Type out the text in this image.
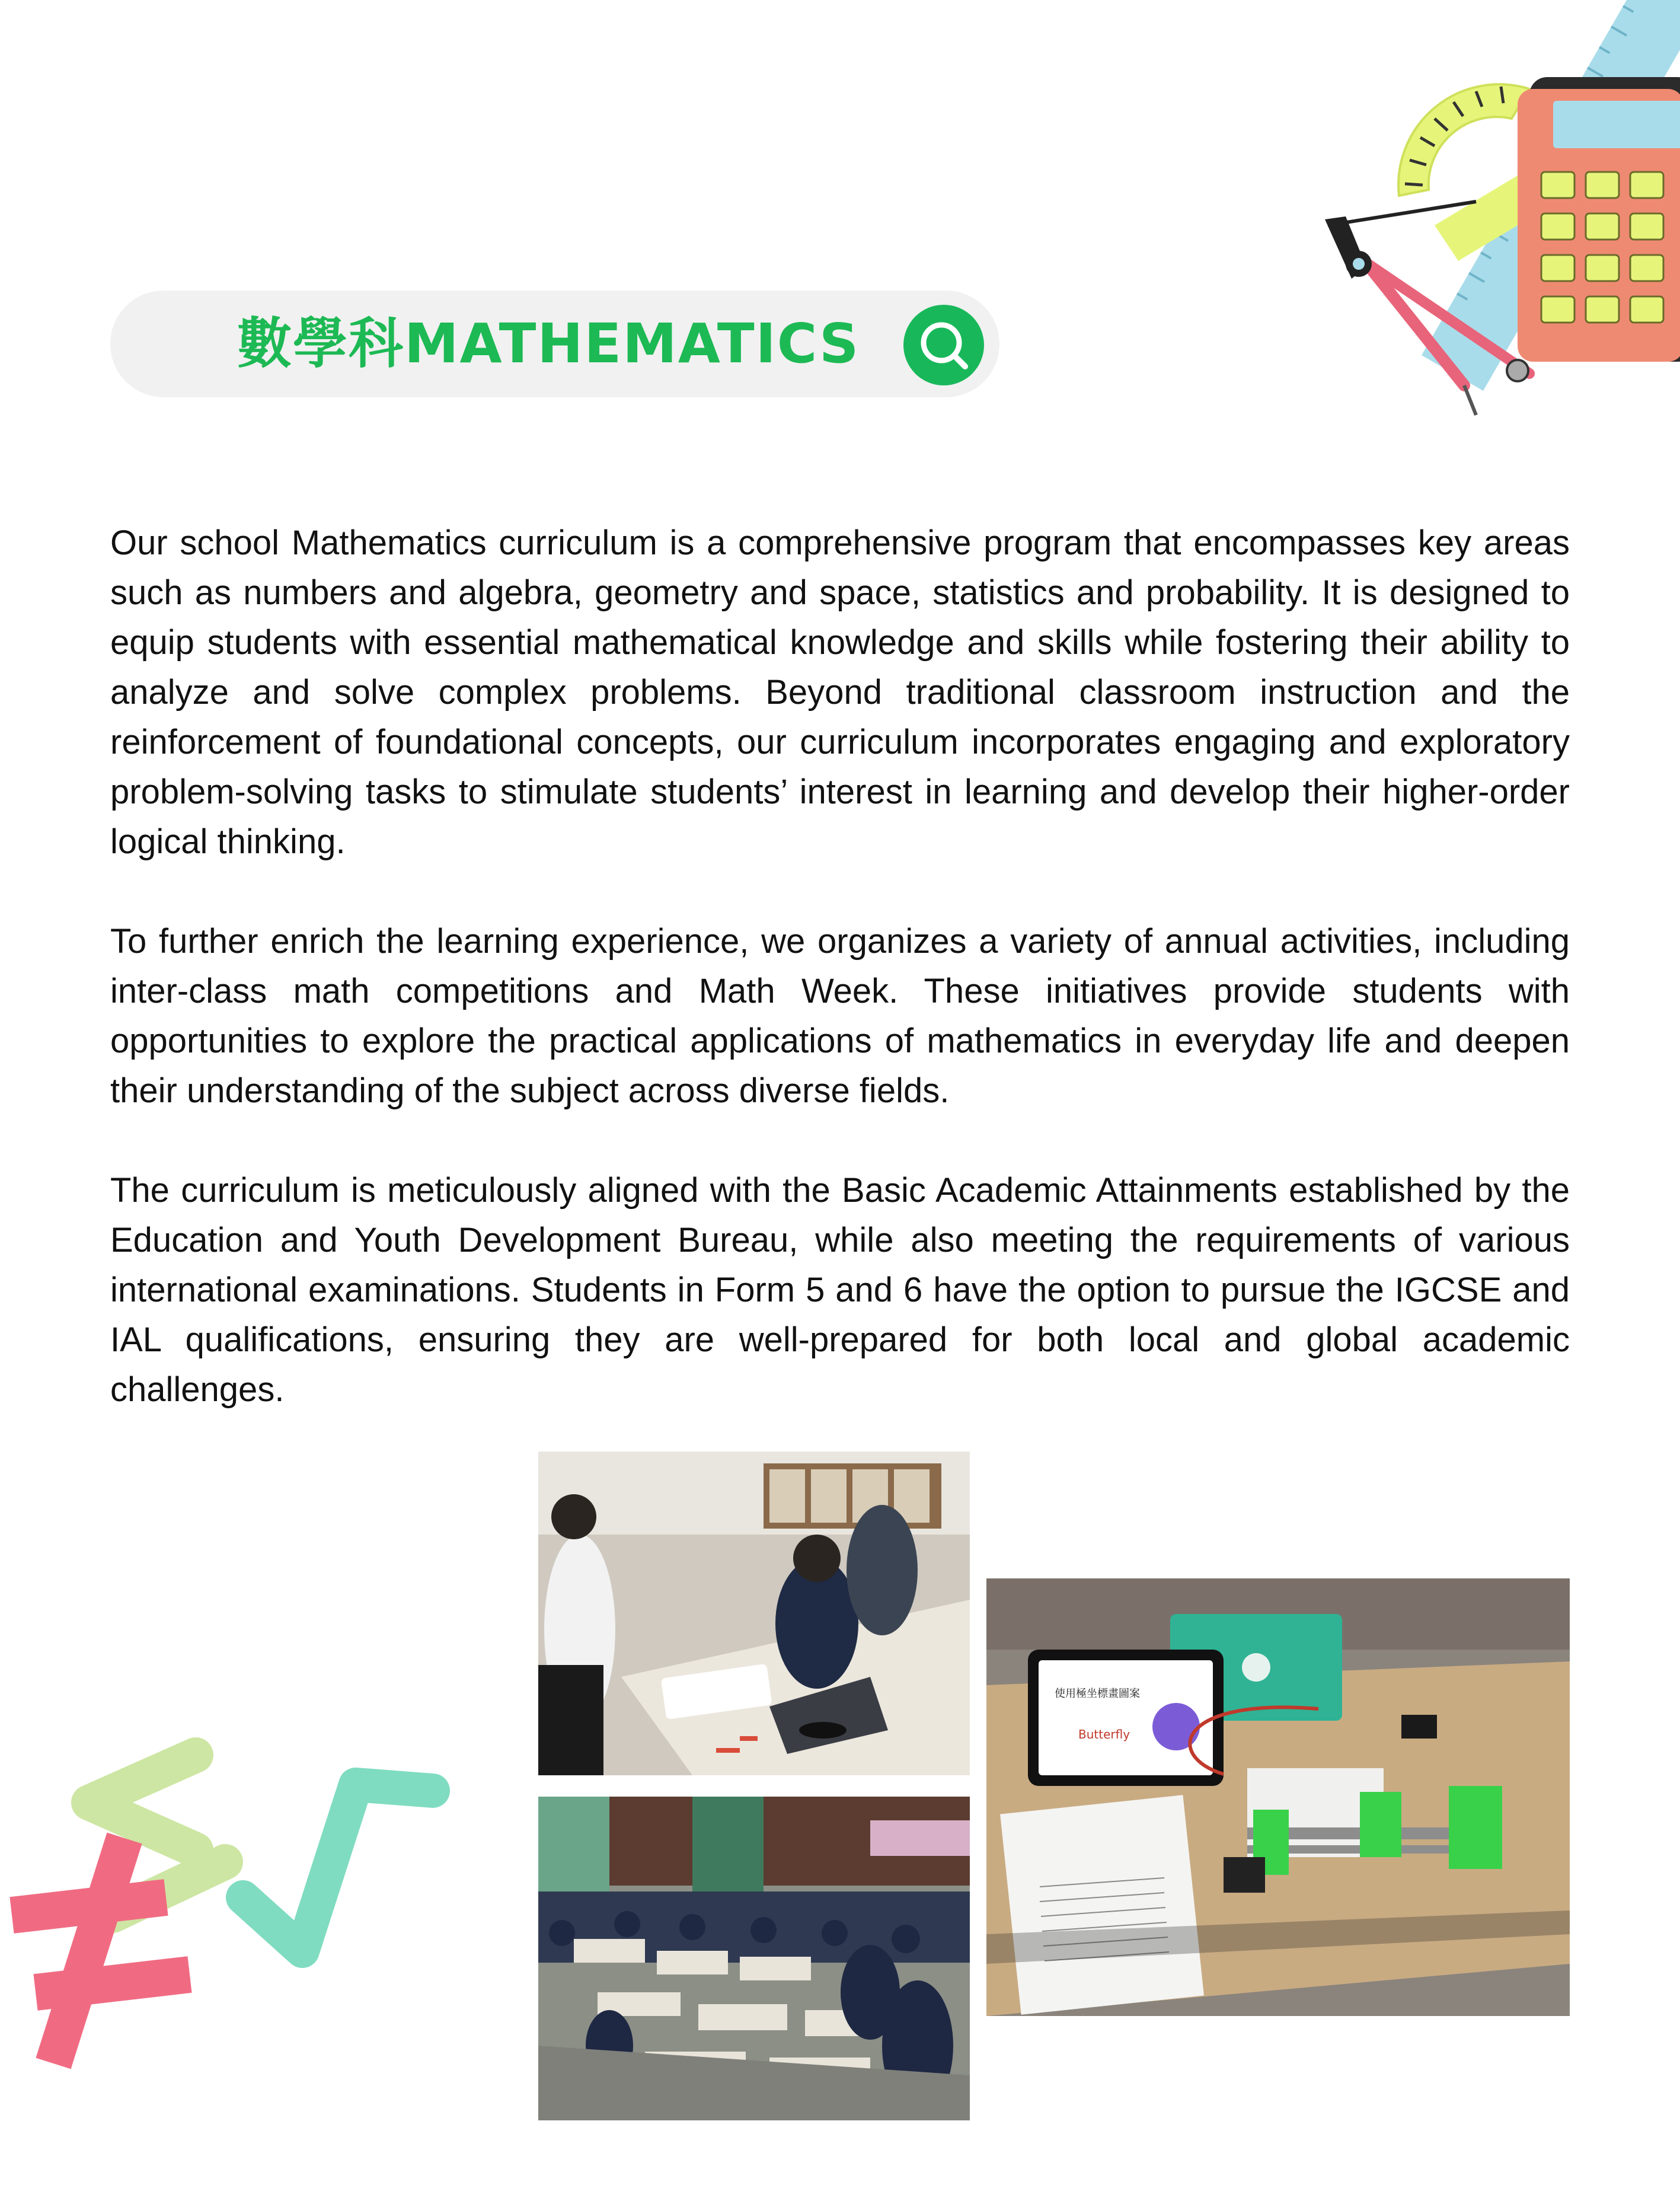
數學科MATHEMATICS

Our school Mathematics curriculum is a comprehensive program that encompasses key areas such as numbers and algebra, geometry and space, statistics and probability. It is designed to equip students with essential mathematical knowledge and skills while fostering their ability to analyze and solve complex problems. Beyond traditional classroom instruction and the reinforcement of foundational concepts, our curriculum incorporates engaging and exploratory problem-solving tasks to stimulate students’ interest in learning and develop their higher-order logical thinking.

To further enrich the learning experience, we organizes a variety of annual activities, including inter-class math competitions and Math Week. These initiatives provide students with opportunities to explore the practical applications of mathematics in everyday life and deepen their understanding of the subject across diverse fields.

The curriculum is meticulously aligned with the Basic Academic Attainments established by the Education and Youth Development Bureau, while also meeting the requirements of various international examinations. Students in Form 5 and 6 have the option to pursue the IGCSE and IAL qualifications, ensuring they are well-prepared for both local and global academic challenges.

使用極坐標畫圖案
Butterfly
